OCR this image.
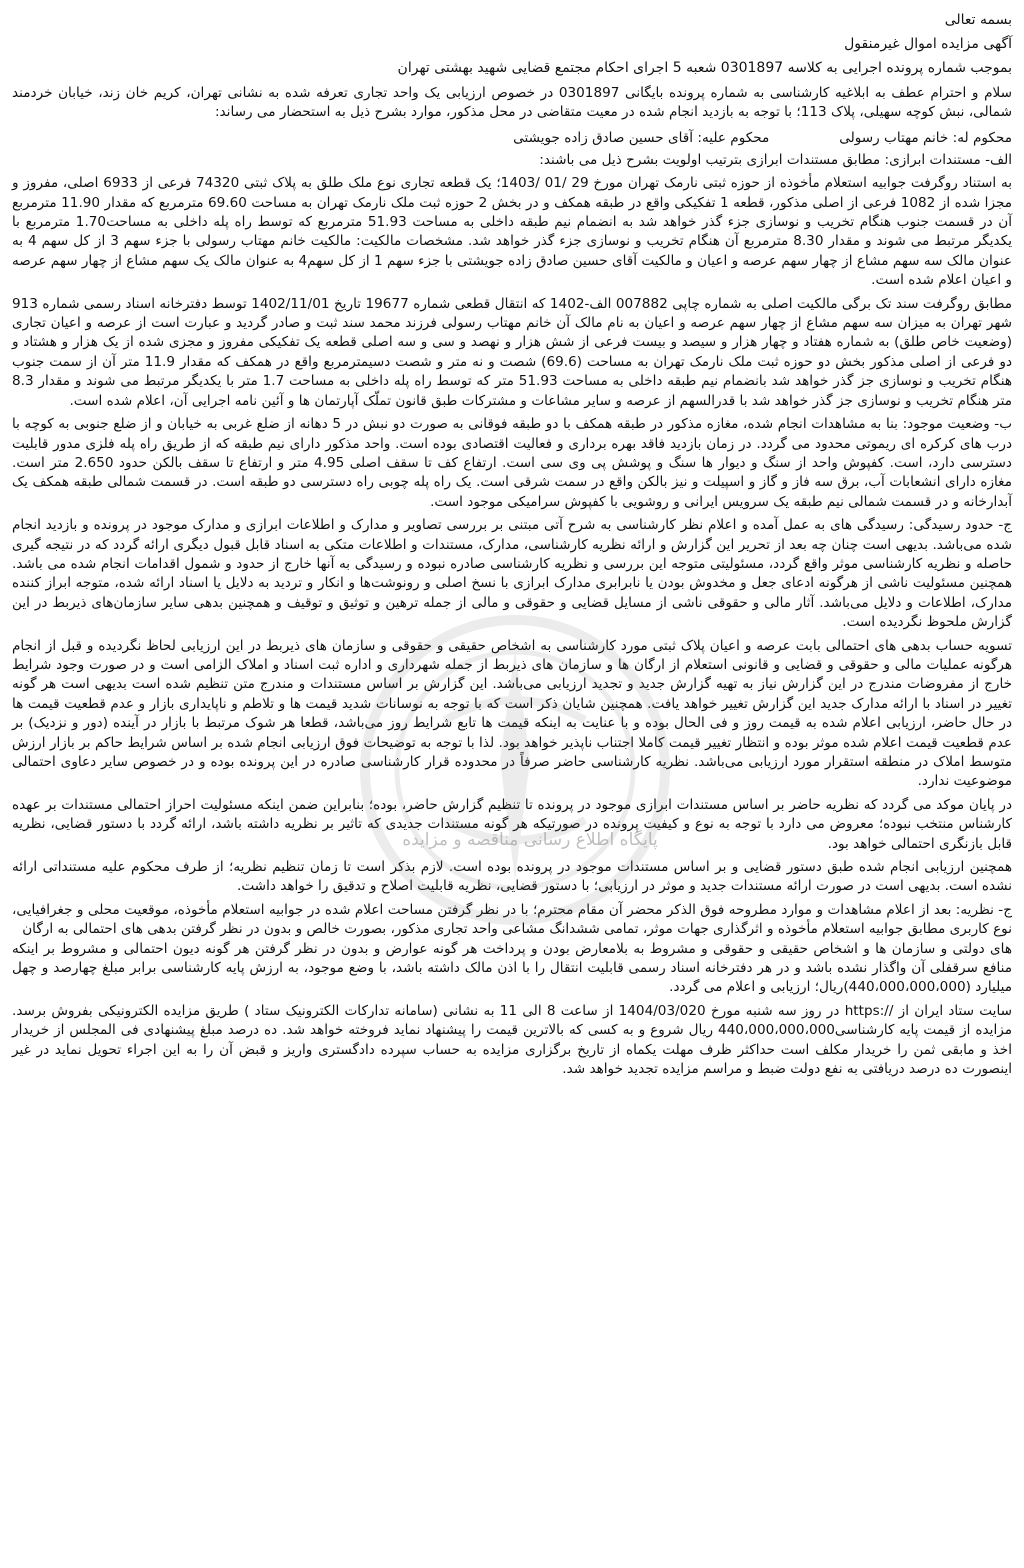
بسمه تعالی

آگهی مزایده اموال غیرمنقول

بموجب شماره پرونده اجرایی به کلاسه 0301897 شعبه 5 اجرای احکام مجتمع قضایی شهید بهشتی تهران

سلام و احترام عطف به ابلاغیه کارشناسی به شماره پرونده بایگانی 0301897 در خصوص ارزیابی یک واحد تجاری تعرفه شده به نشانی تهران، کریم خان زند، خیابان خردمند شمالی، نبش کوچه سهیلی، پلاک 113؛ با توجه به بازدید انجام شده در معیت متقاضی در محل مذکور، موارد بشرح ذیل به استحضار می رساند:

محکوم له: خانم مهتاب رسولی
محکوم علیه: آقای حسین صادق زاده جویشتی

الف- مستندات ابرازی: مطابق مستندات ابرازی بترتیب اولویت بشرح ذیل می باشند:

به استناد روگرفت جوابیه استعلام مأخوذه از حوزه ثبتی نارمک تهران مورخ 29 /01 /1403؛ یک قطعه تجاری نوع ملک طلق به پلاک ثبتی 74320 فرعی از 6933 اصلی، مفروز و مجزا شده از 1082 فرعی از اصلی مذکور، قطعه 1 تفکیکی واقع در طبقه همکف و در بخش 2 حوزه ثبت ملک نارمک تهران به مساحت 69.60 مترمربع که مقدار 11.90 مترمربع آن در قسمت جنوب هنگام تخریب و نوسازی جزء گذر خواهد شد به انضمام نیم طبقه داخلی به مساحت 51.93 مترمربع که توسط راه پله داخلی به مساحت1.70 مترمربع با یکدیگر مرتبط می شوند و مقدار 8.30 مترمربع آن هنگام تخریب و نوسازی جزء گذر خواهد شد. مشخصات مالکیت: مالکیت خانم مهتاب رسولی با جزء سهم 3 از کل سهم 4 به عنوان مالک سه سهم مشاع از چهار سهم عرصه و اعیان و مالکیت آقای حسین صادق زاده جویشتی با جزء سهم 1 از کل سهم4 به عنوان مالک یک سهم مشاع از چهار سهم عرصه و اعیان اعلام شده است.

مطابق روگرفت سند تک برگی مالکیت اصلی به شماره چاپی 007882 الف-1402 که انتقال قطعی شماره 19677 تاریخ 1402/11/01 توسط دفترخانه اسناد رسمی شماره 913 شهر تهران به میزان سه سهم مشاع از چهار سهم عرصه و اعیان به نام مالک آن خانم مهتاب رسولی فرزند محمد سند ثبت و صادر گردید و عبارت است از عرصه و اعیان تجاری (وضعیت خاص طلق) به شماره هفتاد و چهار هزار و سیصد و بیست فرعی از شش هزار و نهصد و سی و سه اصلی قطعه یک تفکیکی مفروز و مجزی شده از یک هزار و هشتاد و دو فرعی از اصلی مذکور بخش دو حوزه ثبت ملک نارمک تهران به مساحت (69.6) شصت و نه متر و شصت دسیمترمربع واقع در همکف که مقدار 11.9 متر آن از سمت جنوب هنگام تخریب و نوسازی جز گذر خواهد شد بانضمام نیم طبقه داخلی به مساحت 51.93 متر که توسط راه پله داخلی به مساحت 1.7 متر با یکدیگر مرتبط می شوند و مقدار 8.3 متر هنگام تخریب و نوسازی جز گذر خواهد شد با قدرالسهم از عرصه و سایر مشاعات و مشترکات طبق قانون تملّک آپارتمان ها و آئین نامه اجرایی آن، اعلام شده است.

ب- وضعیت موجود: بنا به مشاهدات انجام شده، مغازه مذکور در طبقه همکف با دو طبقه فوقانی به صورت دو نبش در 5 دهانه از ضلع غربی به خیابان و از ضلع جنوبی به کوچه با درب های کرکره ای ریموتی محدود می گردد. در زمان بازدید فاقد بهره برداری و فعالیت اقتصادی بوده است. واحد مذکور دارای نیم طبقه که از طریق راه پله فلزی مدور قابلیت دسترسی دارد، است. کفپوش واحد از سنگ و دیوار ها سنگ و پوشش پی وی سی است. ارتفاع کف تا سقف اصلی 4.95 متر و ارتفاع تا سقف بالکن حدود 2.650 متر است. مغازه دارای انشعابات آب، برق سه فاز و گاز و اسپیلت و نیز بالکن واقع در سمت شرقی است. یک راه پله چوبی راه دسترسی دو طبقه است. در قسمت شمالی طبقه همکف یک آبدارخانه و در قسمت شمالی نیم طبقه یک سرویس ایرانی و روشویی با کفپوش سرامیکی موجود است.

ج- حدود رسیدگی: رسیدگی های به عمل آمده و اعلام نظر کارشناسی به شرح آتی مبتنی بر بررسی تصاویر و مدارک و اطلاعات ابرازی و مدارک موجود در پرونده و بازدید انجام شده می‌باشد. بدیهی است چنان چه بعد از تحریر این گزارش و ارائه نظریه کارشناسی، مدارک، مستندات و اطلاعات متکی به اسناد قابل قبول دیگری ارائه گردد که در نتیجه گیری حاصله و نظریه کارشناسی موثر واقع گردد، مسئولیتی متوجه این بررسی و نظریه کارشناسی صادره نبوده و رسیدگی به آنها خارج از حدود و شمول اقدامات انجام شده می باشد. همچنین مسئولیت ناشی از هرگونه ادعای جعل و مخدوش بودن یا نابرابری مدارک ابرازی با نسخ اصلی و رونوشت‌ها و انکار و تردید به دلایل یا اسناد ارائه شده، متوجه ابراز کننده مدارک، اطلاعات و دلایل می‌باشد. آثار مالی و حقوقی ناشی از مسایل قضایی و حقوقی و مالی از جمله ترهین و توثیق و توقیف و همچنین بدهی سایر سازمان‌های ذیربط در این گزارش ملحوظ نگردیده است.

تسویه حساب بدهی های احتمالی بابت عرصه و اعیان پلاک ثبتی مورد کارشناسی به اشخاص حقیقی و حقوقی و سازمان های ذیربط در این ارزیابی لحاظ نگردیده و قبل از انجام هرگونه عملیات مالی و حقوقی و قضایی و قانونی استعلام از ارگان ها و سازمان های ذیربط از جمله شهرداری و اداره ثبت اسناد و املاک الزامی است و در صورت وجود شرایط خارج از مفروضات مندرج در این گزارش نیاز به تهیه گزارش جدید و تجدید ارزیابی می‌باشد. این گزارش بر اساس مستندات و مندرج متن تنظیم شده است بدیهی است هر گونه تغییر در اسناد با ارائه مدارک جدید این گزارش تغییر خواهد یافت. همچنین شایان ذکر است که با توجه به نوسانات شدید قیمت ها و تلاطم و ناپایداری بازار و عدم قطعیت قیمت ها در حال حاضر، ارزیابی اعلام شده به قیمت روز و فی الحال بوده و با عنایت به اینکه قیمت ها تابع شرایط روز می‌باشد، قطعا هر شوک مرتبط با بازار در آینده (دور و نزدیک) بر عدم قطعیت قیمت اعلام شده موثر بوده و انتظار تغییر قیمت کاملا اجتناب ناپذیر خواهد بود. لذا با توجه به توضیحات فوق ارزیابی انجام شده بر اساس شرایط حاکم بر بازار ارزش متوسط املاک در منطقه استقرار مورد ارزیابی می‌باشد. نظریه کارشناسی حاضر صرفاً در محدوده قرار کارشناسی صادره در این پرونده بوده و در خصوص سایر دعاوی احتمالی موضوعیت ندارد.

در پایان موکد می گردد که نظریه حاضر بر اساس مستندات ابرازی موجود در پرونده تا تنظیم گزارش حاضر، بوده؛ بنابراین ضمن اینکه مسئولیت احراز احتمالی مستندات بر عهده کارشناس منتخب نبوده؛ معروض می دارد با توجه به نوع و کیفیت پرونده در صورتیکه هر گونه مستندات جدیدی که تاثیر بر نظریه داشته باشد، ارائه گردد با دستور قضایی، نظریه قابل بازنگری احتمالی خواهد بود.

همچنین ارزیابی انجام شده طبق دستور قضایی و بر اساس مستندات موجود در پرونده بوده است. لازم بذکر است تا زمان تنظیم نظریه؛ از طرف محکوم علیه مستنداتی ارائه نشده است. بدیهی است در صورت ارائه مستندات جدید و موثر در ارزیابی؛ با دستور قضایی، نظریه قابلیت اصلاح و تدقیق را خواهد داشت.

ج- نظریه: بعد از اعلام مشاهدات و موارد مطروحه فوق الذکر محضر آن مقام محترم؛ با در نظر گرفتن مساحت اعلام شده در جوابیه استعلام مأخوذه، موقعیت محلی و جغرافیایی، نوع کاربری مطابق جوابیه استعلام مأخوذه و اثرگذاری جهات موثر، تمامی ششدانگ مشاعی واحد تجاری مذکور، بصورت خالص و بدون در نظر گرفتن بدهی های احتمالی به ارگان

های دولتی و سازمان ها و اشخاص حقیقی و حقوقی و مشروط به بلامعارض بودن و پرداخت هر گونه عوارض و بدون در نظر گرفتن هر گونه دیون احتمالی و مشروط بر اینکه منافع سرقفلی آن واگذار نشده باشد و در هر دفترخانه اسناد رسمی قابلیت انتقال را با اذن مالک داشته باشد، با وضع موجود، به ارزش پایه کارشناسی برابر مبلغ چهارصد و چهل میلیارد (440،000،000،000)ریال؛ ارزیابی و اعلام می گردد.

سایت ستاد ایران از //:https در روز سه شنبه مورخ 1404/03/020 از ساعت 8 الی 11 به نشانی (سامانه تدارکات الکترونیک ستاد ) طریق مزایده الکترونیکی بفروش برسد. مزایده از قیمت پایه کارشناسی440،000،000،000 ریال شروع و به کسی که بالاترین قیمت را پیشنهاد نماید فروخته خواهد شد. ده درصد مبلغ پیشنهادی فی المجلس از خریدار اخذ و مابقی ثمن را خریدار مکلف است حداکثر ظرف مهلت یکماه از تاریخ برگزاری مزایده به حساب سپرده دادگستری واریز و قبض آن را به این اجراء تحویل نماید در غیر اینصورت ده درصد دریافتی به نفع دولت ضبط و مراسم مزایده تجدید خواهد شد.

پایگاه اطلاع رسانی مناقصه و مزایده
